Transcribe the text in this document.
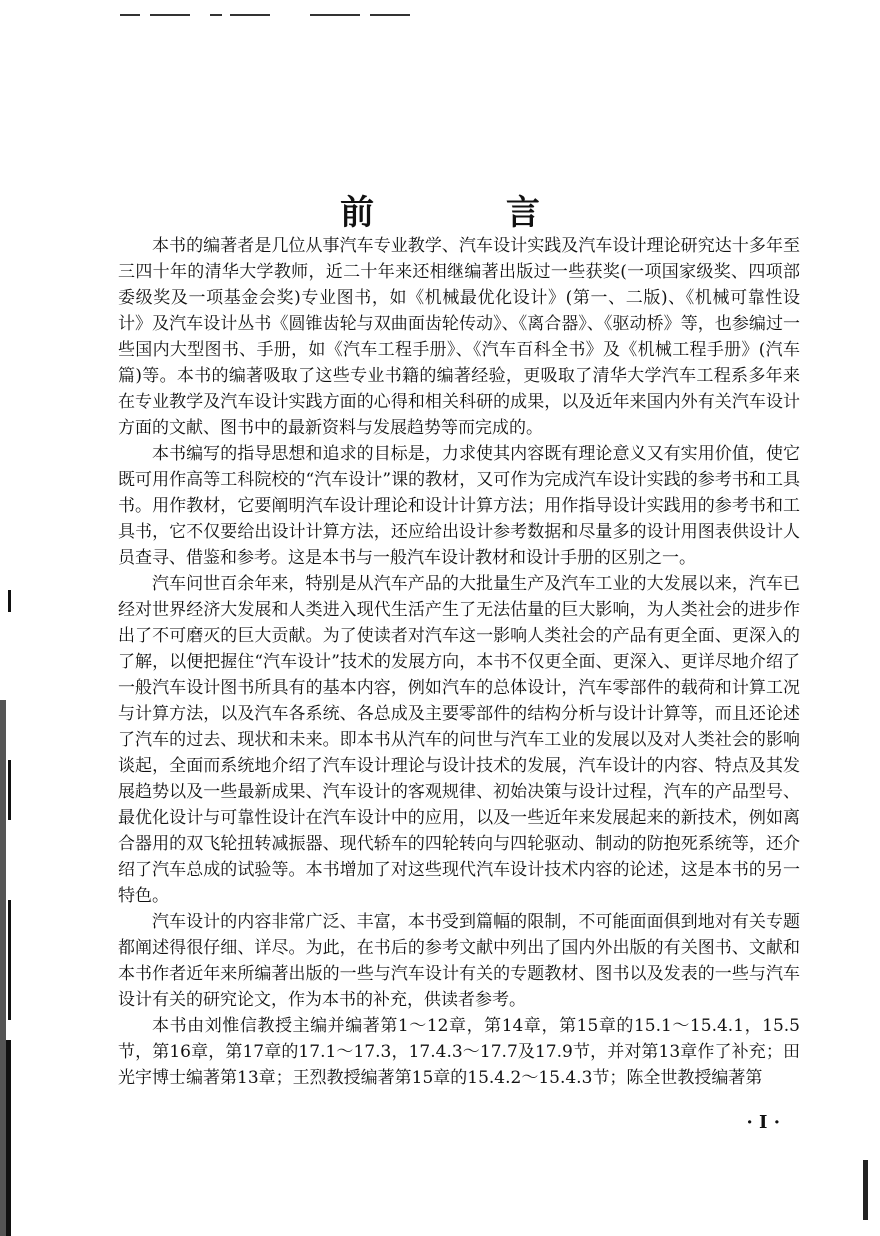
前 言

本书的编著者是几位从事汽车专业教学、汽车设计实践及汽车设计理论研究达十多年至三四十年的清华大学教师，近二十年来还相继编著出版过一些获奖(一项国家级奖、四项部委级奖及一项基金会奖)专业图书，如《机械最优化设计》(第一、二版)、《机械可靠性设计》及汽车设计丛书《圆锥齿轮与双曲面齿轮传动》、《离合器》、《驱动桥》等，也参编过一些国内大型图书、手册，如《汽车工程手册》、《汽车百科全书》及《机械工程手册》(汽车篇)等。本书的编著吸取了这些专业书籍的编著经验，更吸取了清华大学汽车工程系多年来在专业教学及汽车设计实践方面的心得和相关科研的成果，以及近年来国内外有关汽车设计方面的文献、图书中的最新资料与发展趋势等而完成的。

本书编写的指导思想和追求的目标是，力求使其内容既有理论意义又有实用价值，使它既可用作高等工科院校的“汽车设计”课的教材，又可作为完成汽车设计实践的参考书和工具书。用作教材，它要阐明汽车设计理论和设计计算方法；用作指导设计实践用的参考书和工具书，它不仅要给出设计计算方法，还应给出设计参考数据和尽量多的设计用图表供设计人员查寻、借鉴和参考。这是本书与一般汽车设计教材和设计手册的区别之一。

汽车问世百余年来，特别是从汽车产品的大批量生产及汽车工业的大发展以来，汽车已经对世界经济大发展和人类进入现代生活产生了无法估量的巨大影响，为人类社会的进步作出了不可磨灭的巨大贡献。为了使读者对汽车这一影响人类社会的产品有更全面、更深入的了解，以便把握住“汽车设计”技术的发展方向，本书不仅更全面、更深入、更详尽地介绍了一般汽车设计图书所具有的基本内容，例如汽车的总体设计，汽车零部件的载荷和计算工况与计算方法，以及汽车各系统、各总成及主要零部件的结构分析与设计计算等，而且还论述了汽车的过去、现状和未来。即本书从汽车的问世与汽车工业的发展以及对人类社会的影响谈起，全面而系统地介绍了汽车设计理论与设计技术的发展，汽车设计的内容、特点及其发展趋势以及一些最新成果、汽车设计的客观规律、初始决策与设计过程，汽车的产品型号、最优化设计与可靠性设计在汽车设计中的应用，以及一些近年来发展起来的新技术，例如离合器用的双飞轮扭转减振器、现代轿车的四轮转向与四轮驱动、制动的防抱死系统等，还介绍了汽车总成的试验等。本书增加了对这些现代汽车设计技术内容的论述，这是本书的另一特色。

汽车设计的内容非常广泛、丰富，本书受到篇幅的限制，不可能面面俱到地对有关专题都阐述得很仔细、详尽。为此，在书后的参考文献中列出了国内外出版的有关图书、文献和本书作者近年来所编著出版的一些与汽车设计有关的专题教材、图书以及发表的一些与汽车设计有关的研究论文，作为本书的补充，供读者参考。

本书由刘惟信教授主编并编著第1～12章，第14章，第15章的15.1～15.4.1，15.5节，第16章，第17章的17.1～17.3，17.4.3～17.7及17.9节，并对第13章作了补充；田光宇博士编著第13章；王烈教授编著第15章的15.4.2～15.4.3节；陈全世教授编著第

· I ·
